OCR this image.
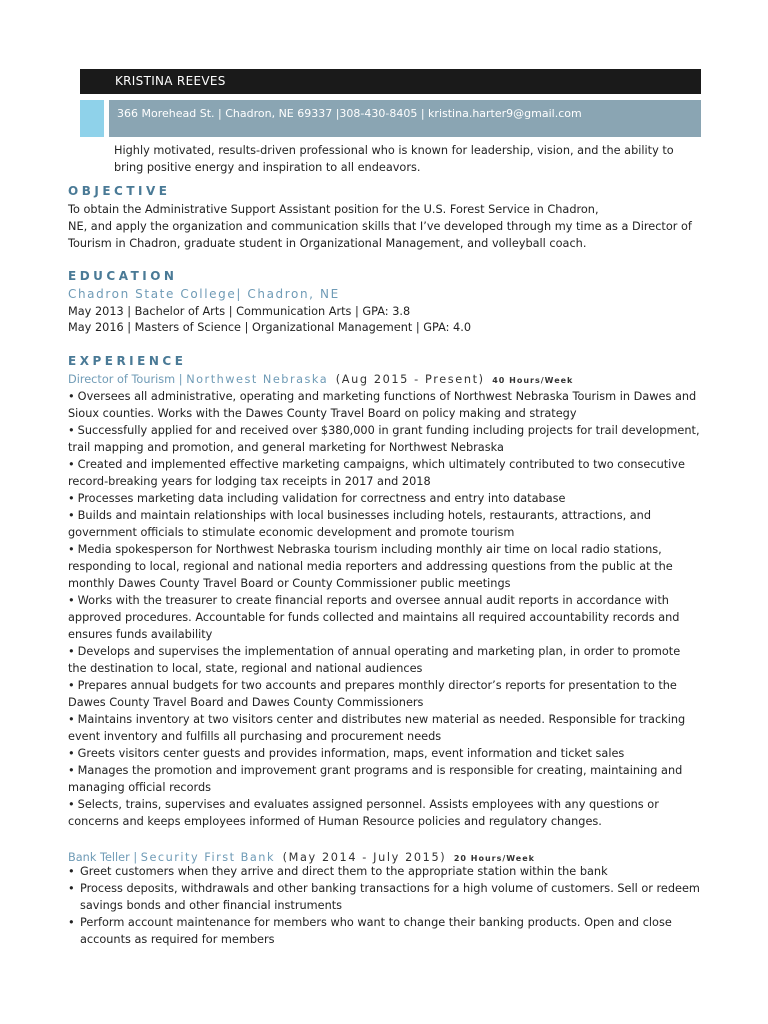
KRISTINA REEVES
366 Morehead St. | Chadron, NE 69337 |308-430-8405 | kristina.harter9@gmail.com

Highly motivated, results-driven professional who is known for leadership, vision, and the ability to bring positive energy and inspiration to all endeavors.

OBJECTIVE
To obtain the Administrative Support Assistant position for the U.S. Forest Service in Chadron,
NE, and apply the organization and communication skills that I’ve developed through my time as a Director of Tourism in Chadron, graduate student in Organizational Management, and volleyball coach.
EDUCATION
Chadron State College| Chadron, NE
May 2013 | Bachelor of Arts | Communication Arts | GPA: 3.8
May 2016 | Masters of Science | Organizational Management | GPA: 4.0
EXPERIENCE
Director of Tourism | Northwest Nebraska (Aug 2015 - Present) 40 Hours/Week
• Oversees all administrative, operating and marketing functions of Northwest Nebraska Tourism in Dawes and Sioux counties. Works with the Dawes County Travel Board on policy making and strategy
• Successfully applied for and received over $380,000 in grant funding including projects for trail development, trail mapping and promotion, and general marketing for Northwest Nebraska
• Created and implemented effective marketing campaigns, which ultimately contributed to two consecutive record-breaking years for lodging tax receipts in 2017 and 2018
• Processes marketing data including validation for correctness and entry into database
• Builds and maintain relationships with local businesses including hotels, restaurants, attractions, and government officials to stimulate economic development and promote tourism
• Media spokesperson for Northwest Nebraska tourism including monthly air time on local radio stations, responding to local, regional and national media reporters and addressing questions from the public at the monthly Dawes County Travel Board or County Commissioner public meetings
• Works with the treasurer to create financial reports and oversee annual audit reports in accordance with approved procedures. Accountable for funds collected and maintains all required accountability records and ensures funds availability
• Develops and supervises the implementation of annual operating and marketing plan, in order to promote the destination to local, state, regional and national audiences
• Prepares annual budgets for two accounts and prepares monthly director’s reports for presentation to the Dawes County Travel Board and Dawes County Commissioners
• Maintains inventory at two visitors center and distributes new material as needed. Responsible for tracking event inventory and fulfills all purchasing and procurement needs
• Greets visitors center guests and provides information, maps, event information and ticket sales
• Manages the promotion and improvement grant programs and is responsible for creating, maintaining and managing official records
• Selects, trains, supervises and evaluates assigned personnel. Assists employees with any questions or concerns and keeps employees informed of Human Resource policies and regulatory changes.
Bank Teller | Security First Bank (May 2014 - July 2015) 20 Hours/Week
• Greet customers when they arrive and direct them to the appropriate station within the bank
• Process deposits, withdrawals and other banking transactions for a high volume of customers. Sell or redeem savings bonds and other financial instruments
• Perform account maintenance for members who want to change their banking products. Open and close accounts as required for members
